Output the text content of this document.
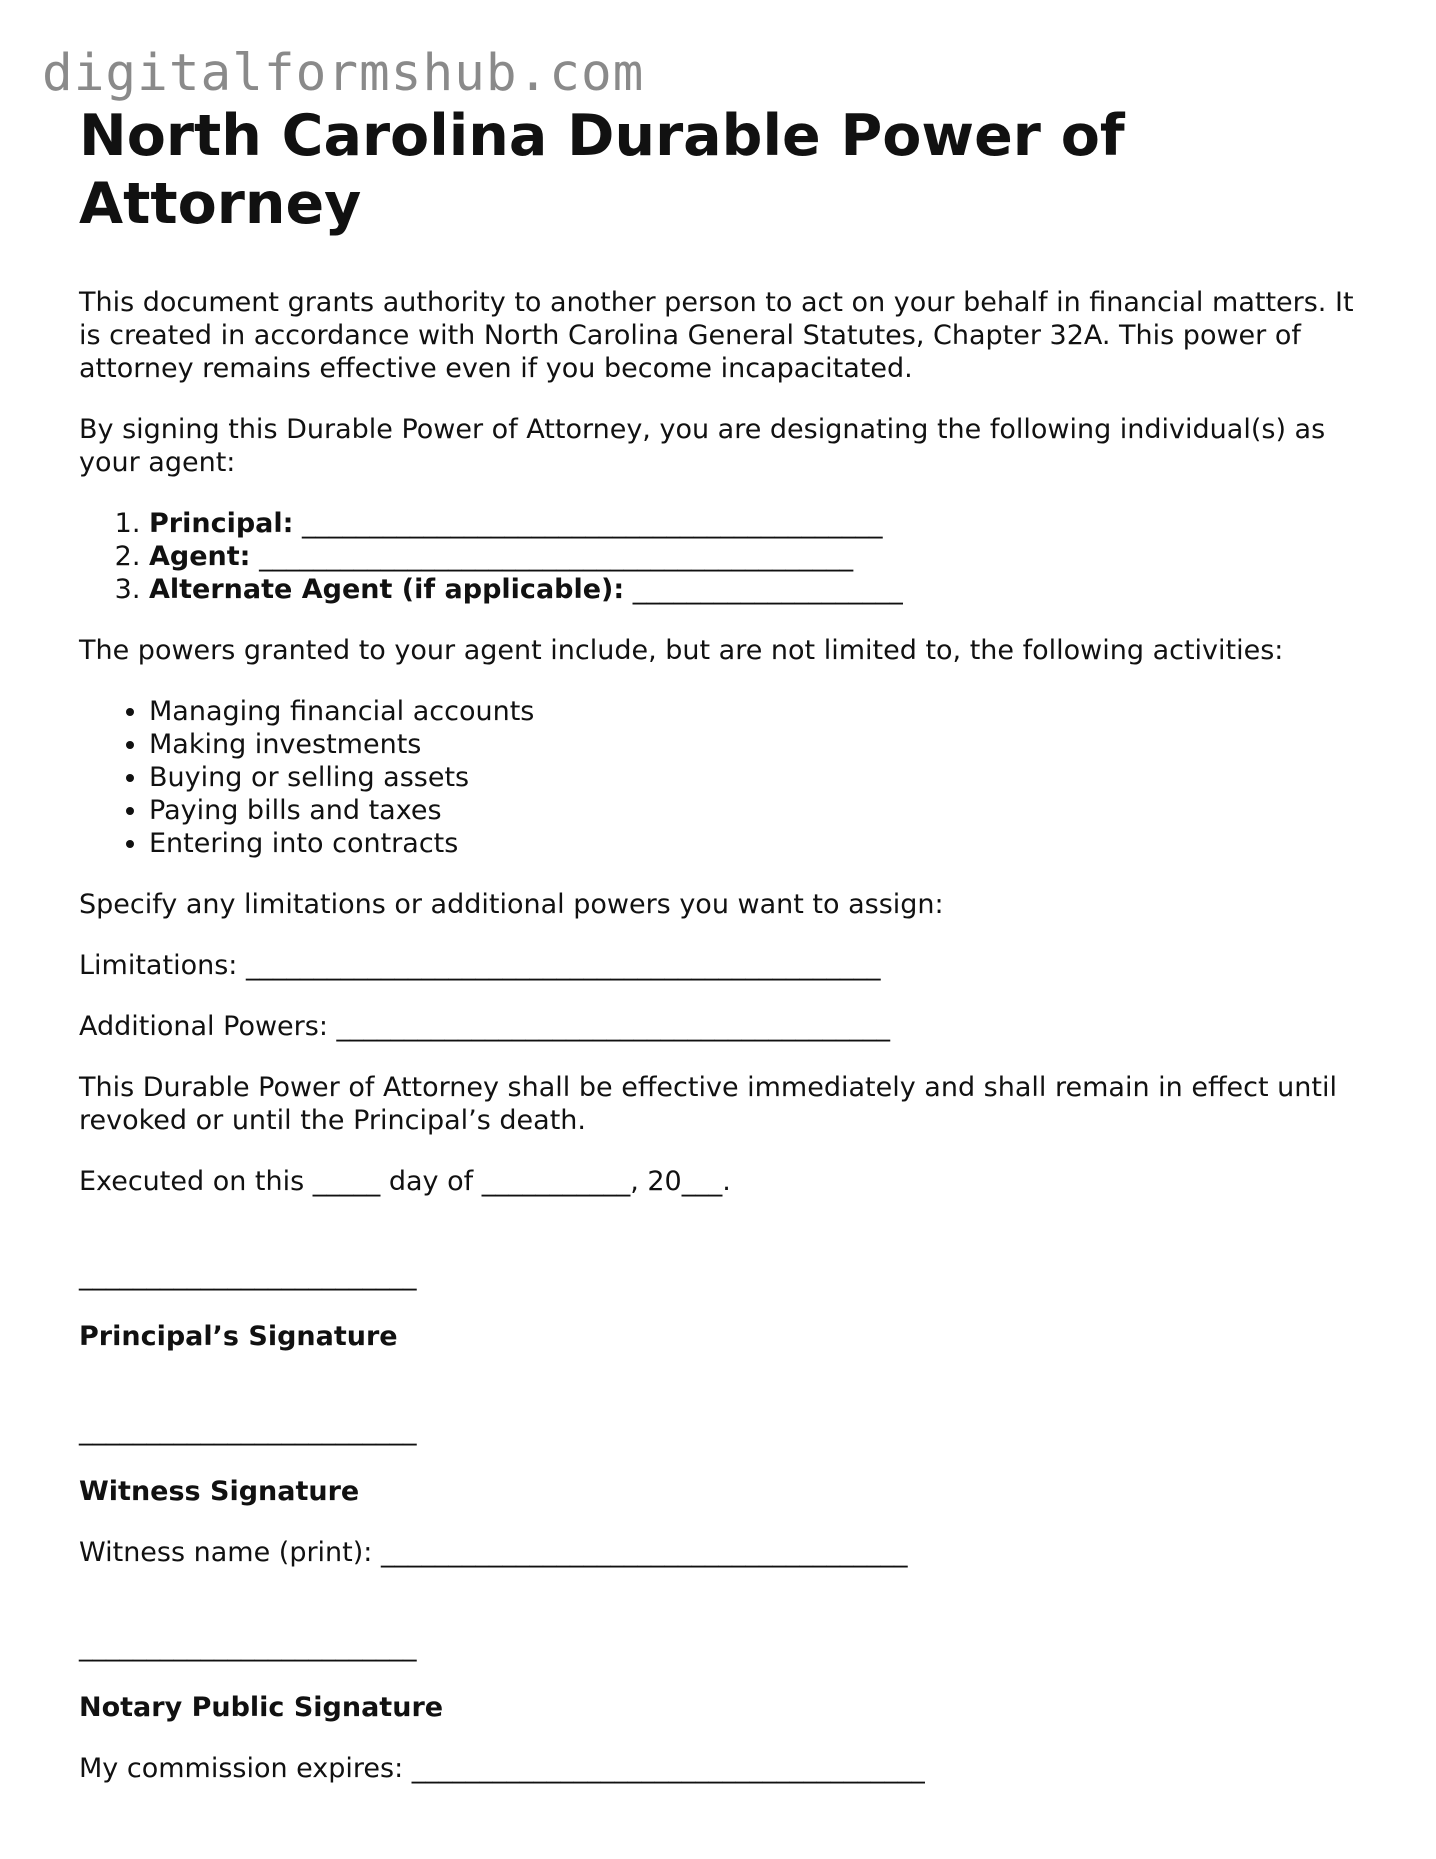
digitalformshub.com
North Carolina Durable Power of Attorney

This document grants authority to another person to act on your behalf in financial matters. It is created in accordance with North Carolina General Statutes, Chapter 32A. This power of attorney remains effective even if you become incapacitated.

By signing this Durable Power of Attorney, you are designating the following individual(s) as your agent:

1. Principal: ___________________________________________
2. Agent: ____________________________________________
3. Alternate Agent (if applicable): ____________________

The powers granted to your agent include, but are not limited to, the following activities:

• Managing financial accounts
• Making investments
• Buying or selling assets
• Paying bills and taxes
• Entering into contracts

Specify any limitations or additional powers you want to assign:

Limitations: _______________________________________________

Additional Powers: _________________________________________

This Durable Power of Attorney shall be effective immediately and shall remain in effect until revoked or until the Principal’s death.

Executed on this _____ day of ___________, 20___.

_________________________

Principal’s Signature

_________________________

Witness Signature

Witness name (print): _______________________________________

_________________________

Notary Public Signature

My commission expires: ______________________________________
